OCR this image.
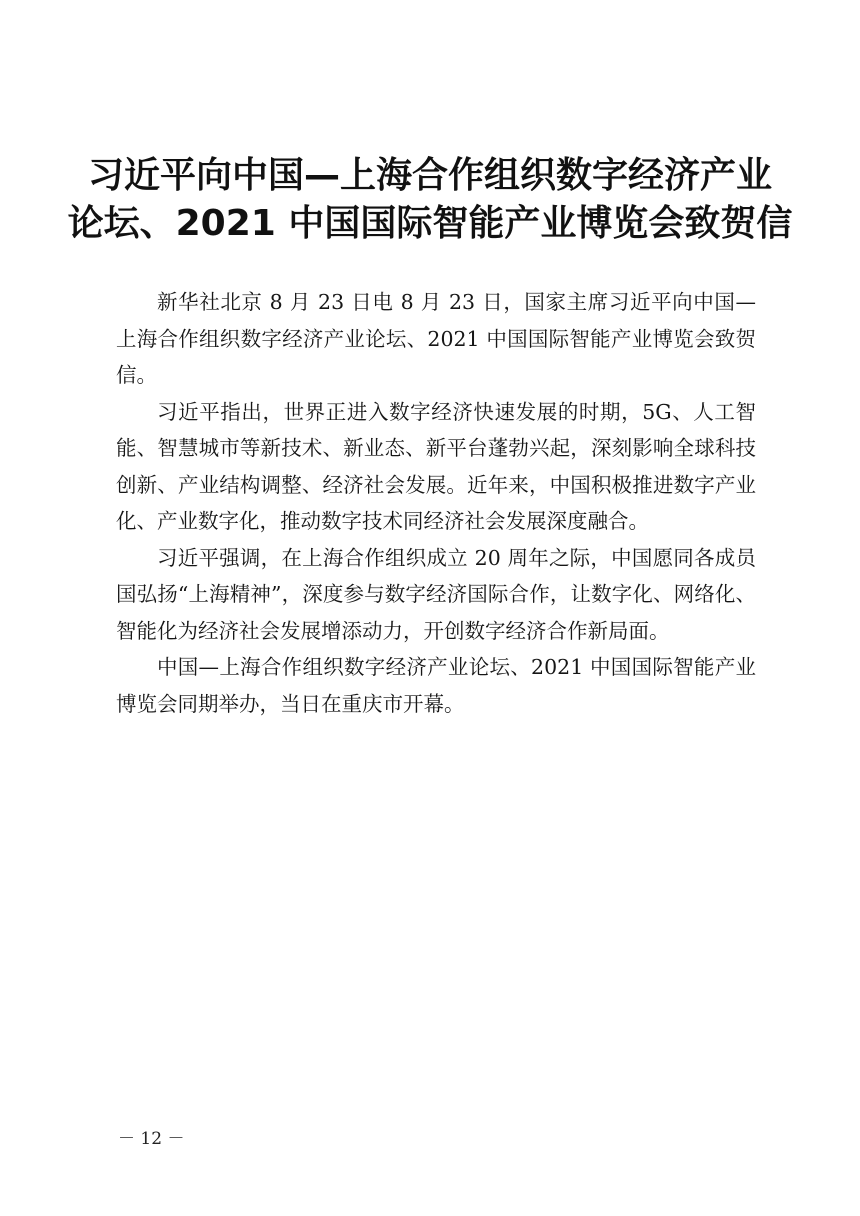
习近平向中国—上海合作组织数字经济产业
论坛、2021 中国国际智能产业博览会致贺信

新华社北京 8 月 23 日电 8 月 23 日，国家主席习近平向中国—上海合作组织数字经济产业论坛、2021 中国国际智能产业博览会致贺信。

习近平指出，世界正进入数字经济快速发展的时期，5G、人工智能、智慧城市等新技术、新业态、新平台蓬勃兴起，深刻影响全球科技创新、产业结构调整、经济社会发展。近年来，中国积极推进数字产业化、产业数字化，推动数字技术同经济社会发展深度融合。

习近平强调，在上海合作组织成立 20 周年之际，中国愿同各成员国弘扬“上海精神”，深度参与数字经济国际合作，让数字化、网络化、智能化为经济社会发展增添动力，开创数字经济合作新局面。

中国—上海合作组织数字经济产业论坛、2021 中国国际智能产业博览会同期举办，当日在重庆市开幕。

－ 12 －
